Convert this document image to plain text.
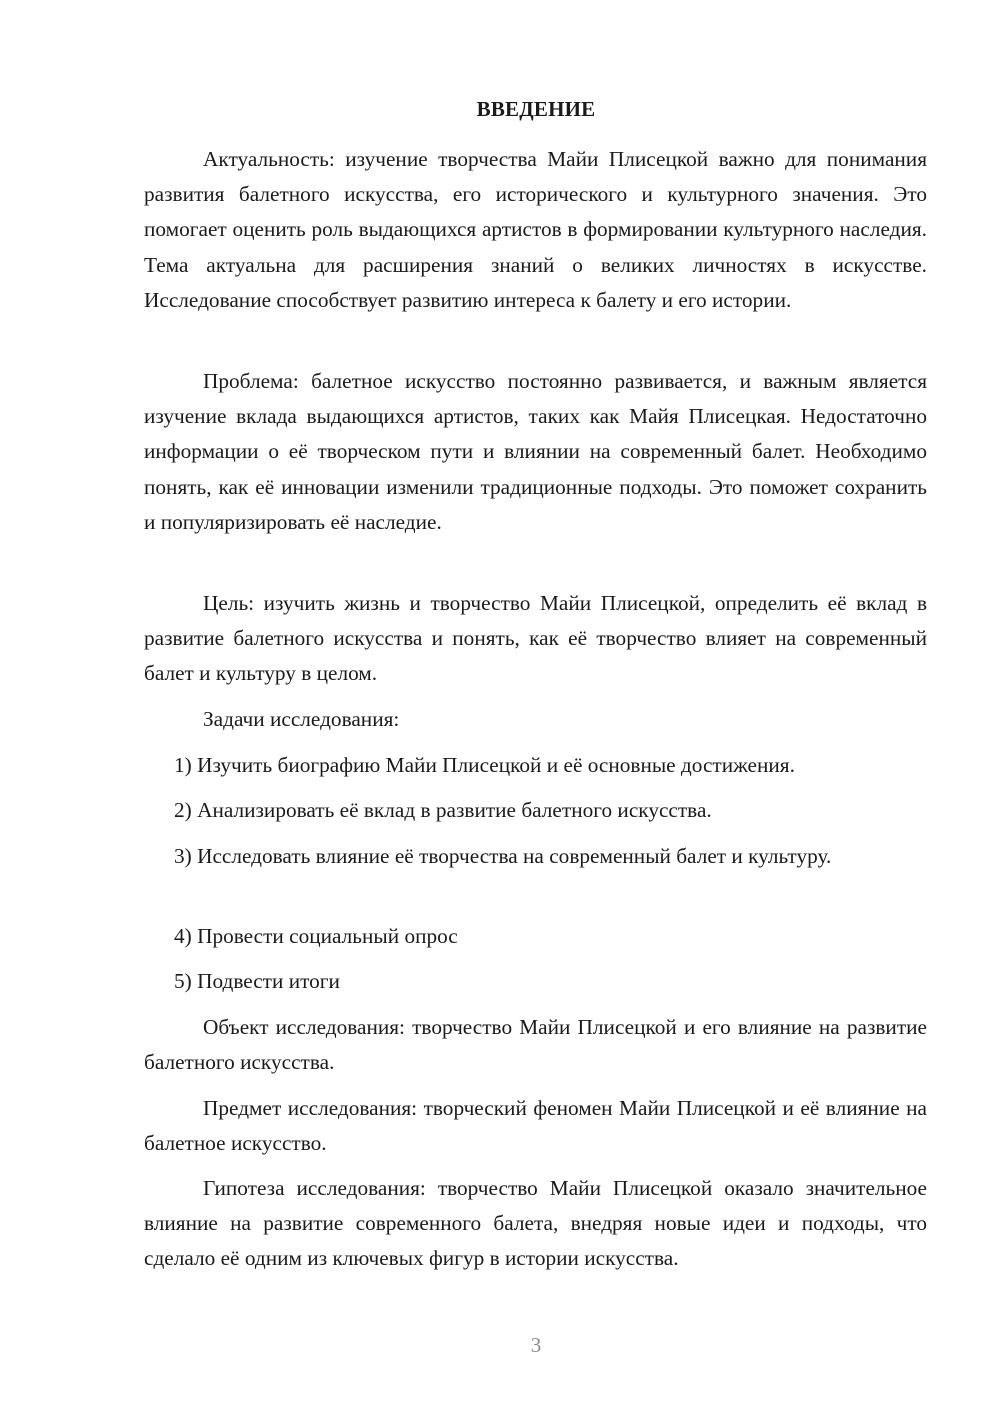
ВВЕДЕНИЕ

Актуальность: изучение творчества Майи Плисецкой важно для понимания развития балетного искусства, его исторического и культурного значения. Это помогает оценить роль выдающихся артистов в формировании культурного наследия. Тема актуальна для расширения знаний о великих личностях в искусстве. Исследование способствует развитию интереса к балету и его истории.

Проблема: балетное искусство постоянно развивается, и важным является изучение вклада выдающихся артистов, таких как Майя Плисецкая. Недостаточно информации о её творческом пути и влиянии на современный балет. Необходимо понять, как её инновации изменили традиционные подходы. Это поможет сохранить и популяризировать её наследие.

Цель: изучить жизнь и творчество Майи Плисецкой, определить её вклад в развитие балетного искусства и понять, как её творчество влияет на современный балет и культуру в целом.

Задачи исследования:

1) Изучить биографию Майи Плисецкой и её основные достижения.

2) Анализировать её вклад в развитие балетного искусства.

3) Исследовать влияние её творчества на современный балет и культуру.

4) Провести социальный опрос

5) Подвести итоги

Объект исследования: творчество Майи Плисецкой и его влияние на развитие балетного искусства.

Предмет исследования: творческий феномен Майи Плисецкой и её влияние на балетное искусство.

Гипотеза исследования: творчество Майи Плисецкой оказало значительное влияние на развитие современного балета, внедряя новые идеи и подходы, что сделало её одним из ключевых фигур в истории искусства.

3
